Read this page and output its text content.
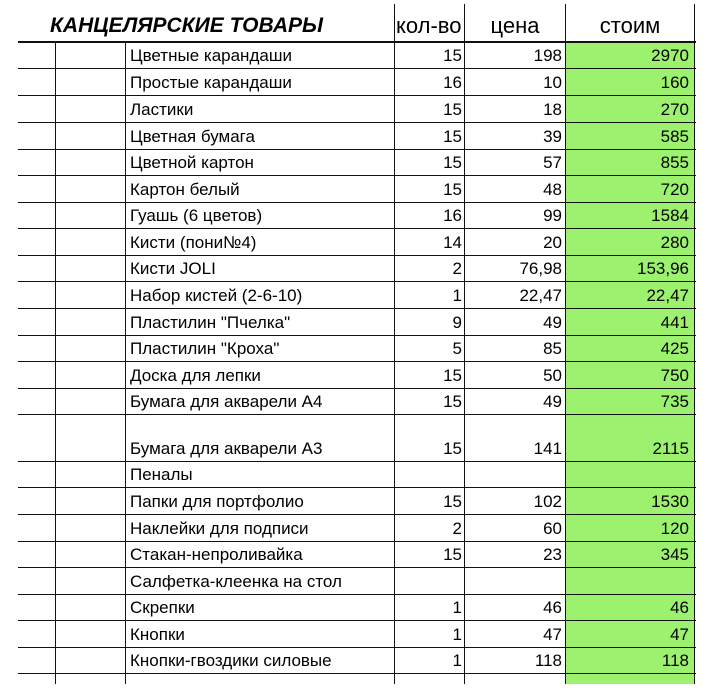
КАНЦЕЛЯРСКИЕ ТОВАРЫ	кол-во	цена	стоим
Цветные карандаши	15	198	2970
Простые карандаши	16	10	160
Ластики	15	18	270
Цветная бумага	15	39	585
Цветной картон	15	57	855
Картон белый	15	48	720
Гуашь (6 цветов)	16	99	1584
Кисти (пони№4)	14	20	280
Кисти JOLI	2	76,98	153,96
Набор кистей (2-6-10)	1	22,47	22,47
Пластилин "Пчелка"	9	49	441
Пластилин "Кроха"	5	85	425
Доска для лепки	15	50	750
Бумага для акварели А4	15	49	735
Бумага для акварели А3	15	141	2115
Пеналы
Папки для портфолио	15	102	1530
Наклейки для подписи	2	60	120
Стакан-непроливайка	15	23	345
Салфетка-клеенка на стол
Скрепки	1	46	46
Кнопки	1	47	47
Кнопки-гвоздики силовые	1	118	118
